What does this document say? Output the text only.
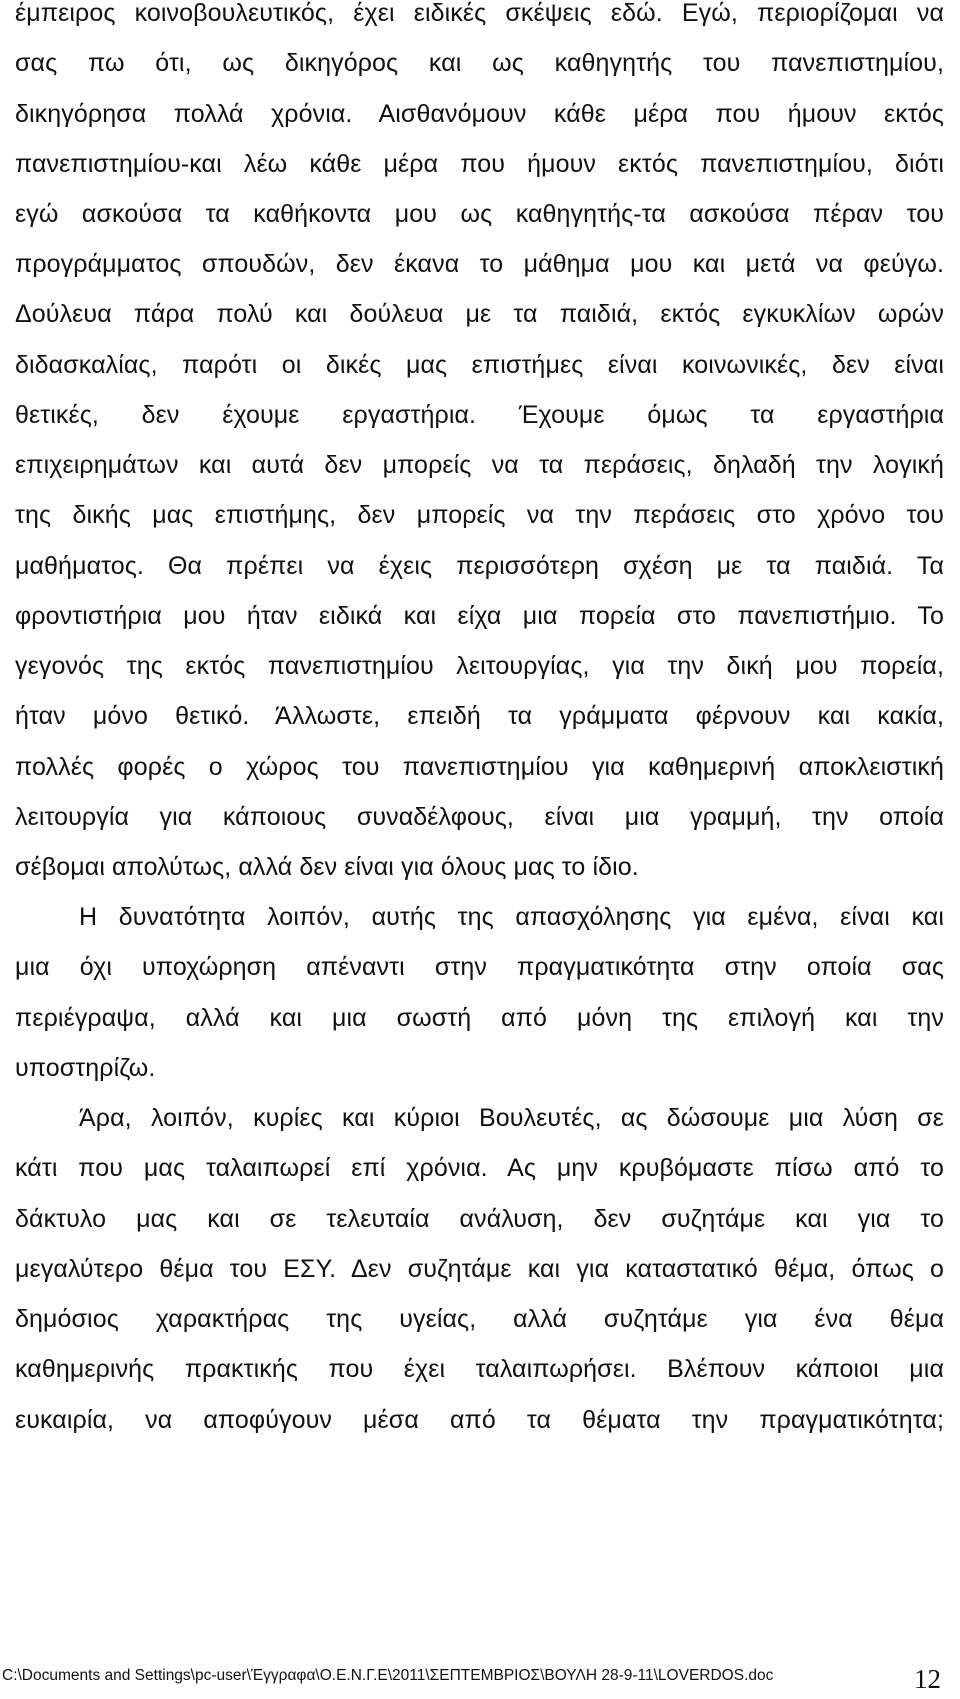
έμπειρος κοινοβουλευτικός, έχει ειδικές σκέψεις εδώ. Εγώ, περιορίζομαι να
σας πω ότι, ως δικηγόρος και ως καθηγητής του πανεπιστημίου,
δικηγόρησα πολλά χρόνια. Αισθανόμουν κάθε μέρα που ήμουν εκτός
πανεπιστημίου-και λέω κάθε μέρα που ήμουν εκτός πανεπιστημίου, διότι
εγώ ασκούσα τα καθήκοντα μου ως καθηγητής-τα ασκούσα πέραν του
προγράμματος σπουδών, δεν έκανα το μάθημα μου και μετά να φεύγω.
Δούλευα πάρα πολύ και δούλευα με τα παιδιά, εκτός εγκυκλίων ωρών
διδασκαλίας, παρότι οι δικές μας επιστήμες είναι κοινωνικές, δεν είναι
θετικές, δεν έχουμε εργαστήρια. Έχουμε όμως τα εργαστήρια
επιχειρημάτων και αυτά δεν μπορείς να τα περάσεις, δηλαδή την λογική
της δικής μας επιστήμης, δεν μπορείς να την περάσεις στο χρόνο του
μαθήματος. Θα πρέπει να έχεις περισσότερη σχέση με τα παιδιά. Τα
φροντιστήρια μου ήταν ειδικά και είχα μια πορεία στο πανεπιστήμιο. Το
γεγονός της εκτός πανεπιστημίου λειτουργίας, για την δική μου πορεία,
ήταν μόνο θετικό. Άλλωστε, επειδή τα γράμματα φέρνουν και κακία,
πολλές φορές ο χώρος του πανεπιστημίου για καθημερινή αποκλειστική
λειτουργία για κάποιους συναδέλφους, είναι μια γραμμή, την οποία
σέβομαι απολύτως, αλλά δεν είναι για όλους μας το ίδιο.
Η δυνατότητα λοιπόν, αυτής της απασχόλησης για εμένα, είναι και
μια όχι υποχώρηση απέναντι στην πραγματικότητα στην οποία σας
περιέγραψα, αλλά και μια σωστή από μόνη της επιλογή και την
υποστηρίζω.
Άρα, λοιπόν, κυρίες και κύριοι Βουλευτές, ας δώσουμε μια λύση σε
κάτι που μας ταλαιπωρεί επί χρόνια. Ας μην κρυβόμαστε πίσω από το
δάκτυλο μας και σε τελευταία ανάλυση, δεν συζητάμε και για το
μεγαλύτερο θέμα του ΕΣΥ. Δεν συζητάμε και για καταστατικό θέμα, όπως ο
δημόσιος χαρακτήρας της υγείας, αλλά συζητάμε για ένα θέμα
καθημερινής πρακτικής που έχει ταλαιπωρήσει. Βλέπουν κάποιοι μια
ευκαιρία, να αποφύγουν μέσα από τα θέματα την πραγματικότητα;
C:\Documents and Settings\pc-user\Έγγραφα\Ο.Ε.Ν.Γ.Ε\2011\ΣΕΠΤΕΜΒΡΙΟΣ\ΒΟΥΛΗ 28-9-11\LOVERDOS.doc	12
